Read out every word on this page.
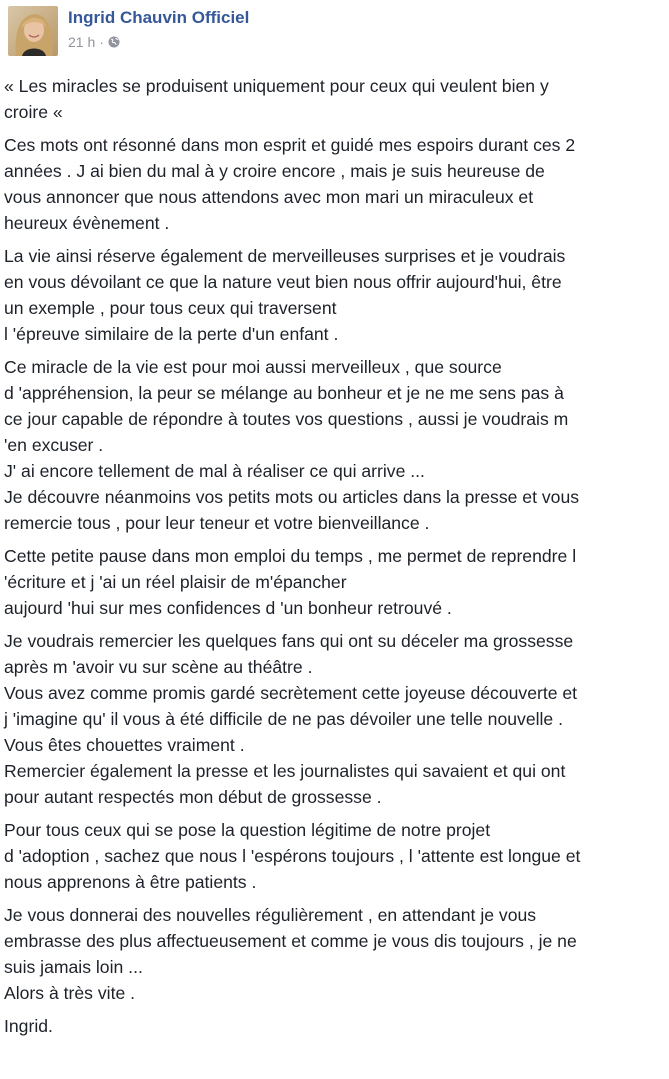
Ingrid Chauvin Officiel
21 h ·

« Les miracles se produisent uniquement pour ceux qui veulent bien y
croire «

Ces mots ont résonné dans mon esprit et guidé mes espoirs durant ces 2
années . J ai bien du mal à y croire encore , mais je suis heureuse de
vous annoncer que nous attendons avec mon mari un miraculeux et
heureux évènement .

La vie ainsi réserve également de merveilleuses surprises et je voudrais
en vous dévoilant ce que la nature veut bien nous offrir aujourd'hui, être
un exemple , pour tous ceux qui traversent
l 'épreuve similaire de la perte d'un enfant .

Ce miracle de la vie est pour moi aussi merveilleux , que source
d 'appréhension, la peur se mélange au bonheur et je ne me sens pas à
ce jour capable de répondre à toutes vos questions , aussi je voudrais m
'en excuser .
J' ai encore tellement de mal à réaliser ce qui arrive ...
Je découvre néanmoins vos petits mots ou articles dans la presse et vous
remercie tous , pour leur teneur et votre bienveillance .

Cette petite pause dans mon emploi du temps , me permet de reprendre l
'écriture et j 'ai un réel plaisir de m'épancher
aujourd 'hui sur mes confidences d 'un bonheur retrouvé .

Je voudrais remercier les quelques fans qui ont su déceler ma grossesse
après m 'avoir vu sur scène au théâtre .
Vous avez comme promis gardé secrètement cette joyeuse découverte et
j 'imagine qu' il vous à été difficile de ne pas dévoiler une telle nouvelle .
Vous êtes chouettes vraiment .
Remercier également la presse et les journalistes qui savaient et qui ont
pour autant respectés mon début de grossesse .

Pour tous ceux qui se pose la question légitime de notre projet
d 'adoption , sachez que nous l 'espérons toujours , l 'attente est longue et
nous apprenons à être patients .

Je vous donnerai des nouvelles régulièrement , en attendant je vous
embrasse des plus affectueusement et comme je vous dis toujours , je ne
suis jamais loin ...
Alors à très vite .

Ingrid.
